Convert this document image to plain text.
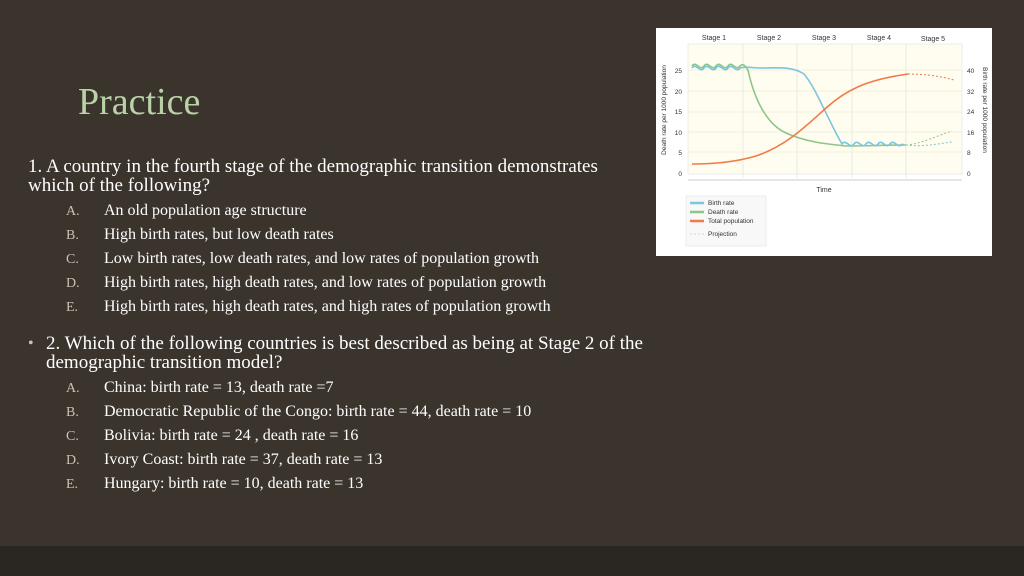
Practice
1. A country in the fourth stage of the demographic transition demonstrates which of the following?
A.	An old population age structure
B.	High birth rates, but low death rates
C.	Low birth rates, low death rates, and low rates of population growth
D.	High birth rates, high death rates, and low rates of population growth
E.	High birth rates, high death rates, and high rates of population growth
• 2. Which of the following countries is best described as being at Stage 2 of the demographic transition model?
A.	China: birth rate = 13, death rate =7
B.	Democratic Republic of the Congo: birth rate = 44, death rate = 10
C.	Bolivia: birth rate = 24 , death rate = 16
D.	Ivory Coast: birth rate = 37, death rate = 13
E.	Hungary: birth rate = 10, death rate = 13
Stage 1	Stage 2	Stage 3	Stage 4	Stage 5
Death rate per 1000 population	Birth rate per 1000 population
25
20
15
10
5
0
40
32
24
16
8
0
Time
Birth rate
Death rate
Total population
Projection
